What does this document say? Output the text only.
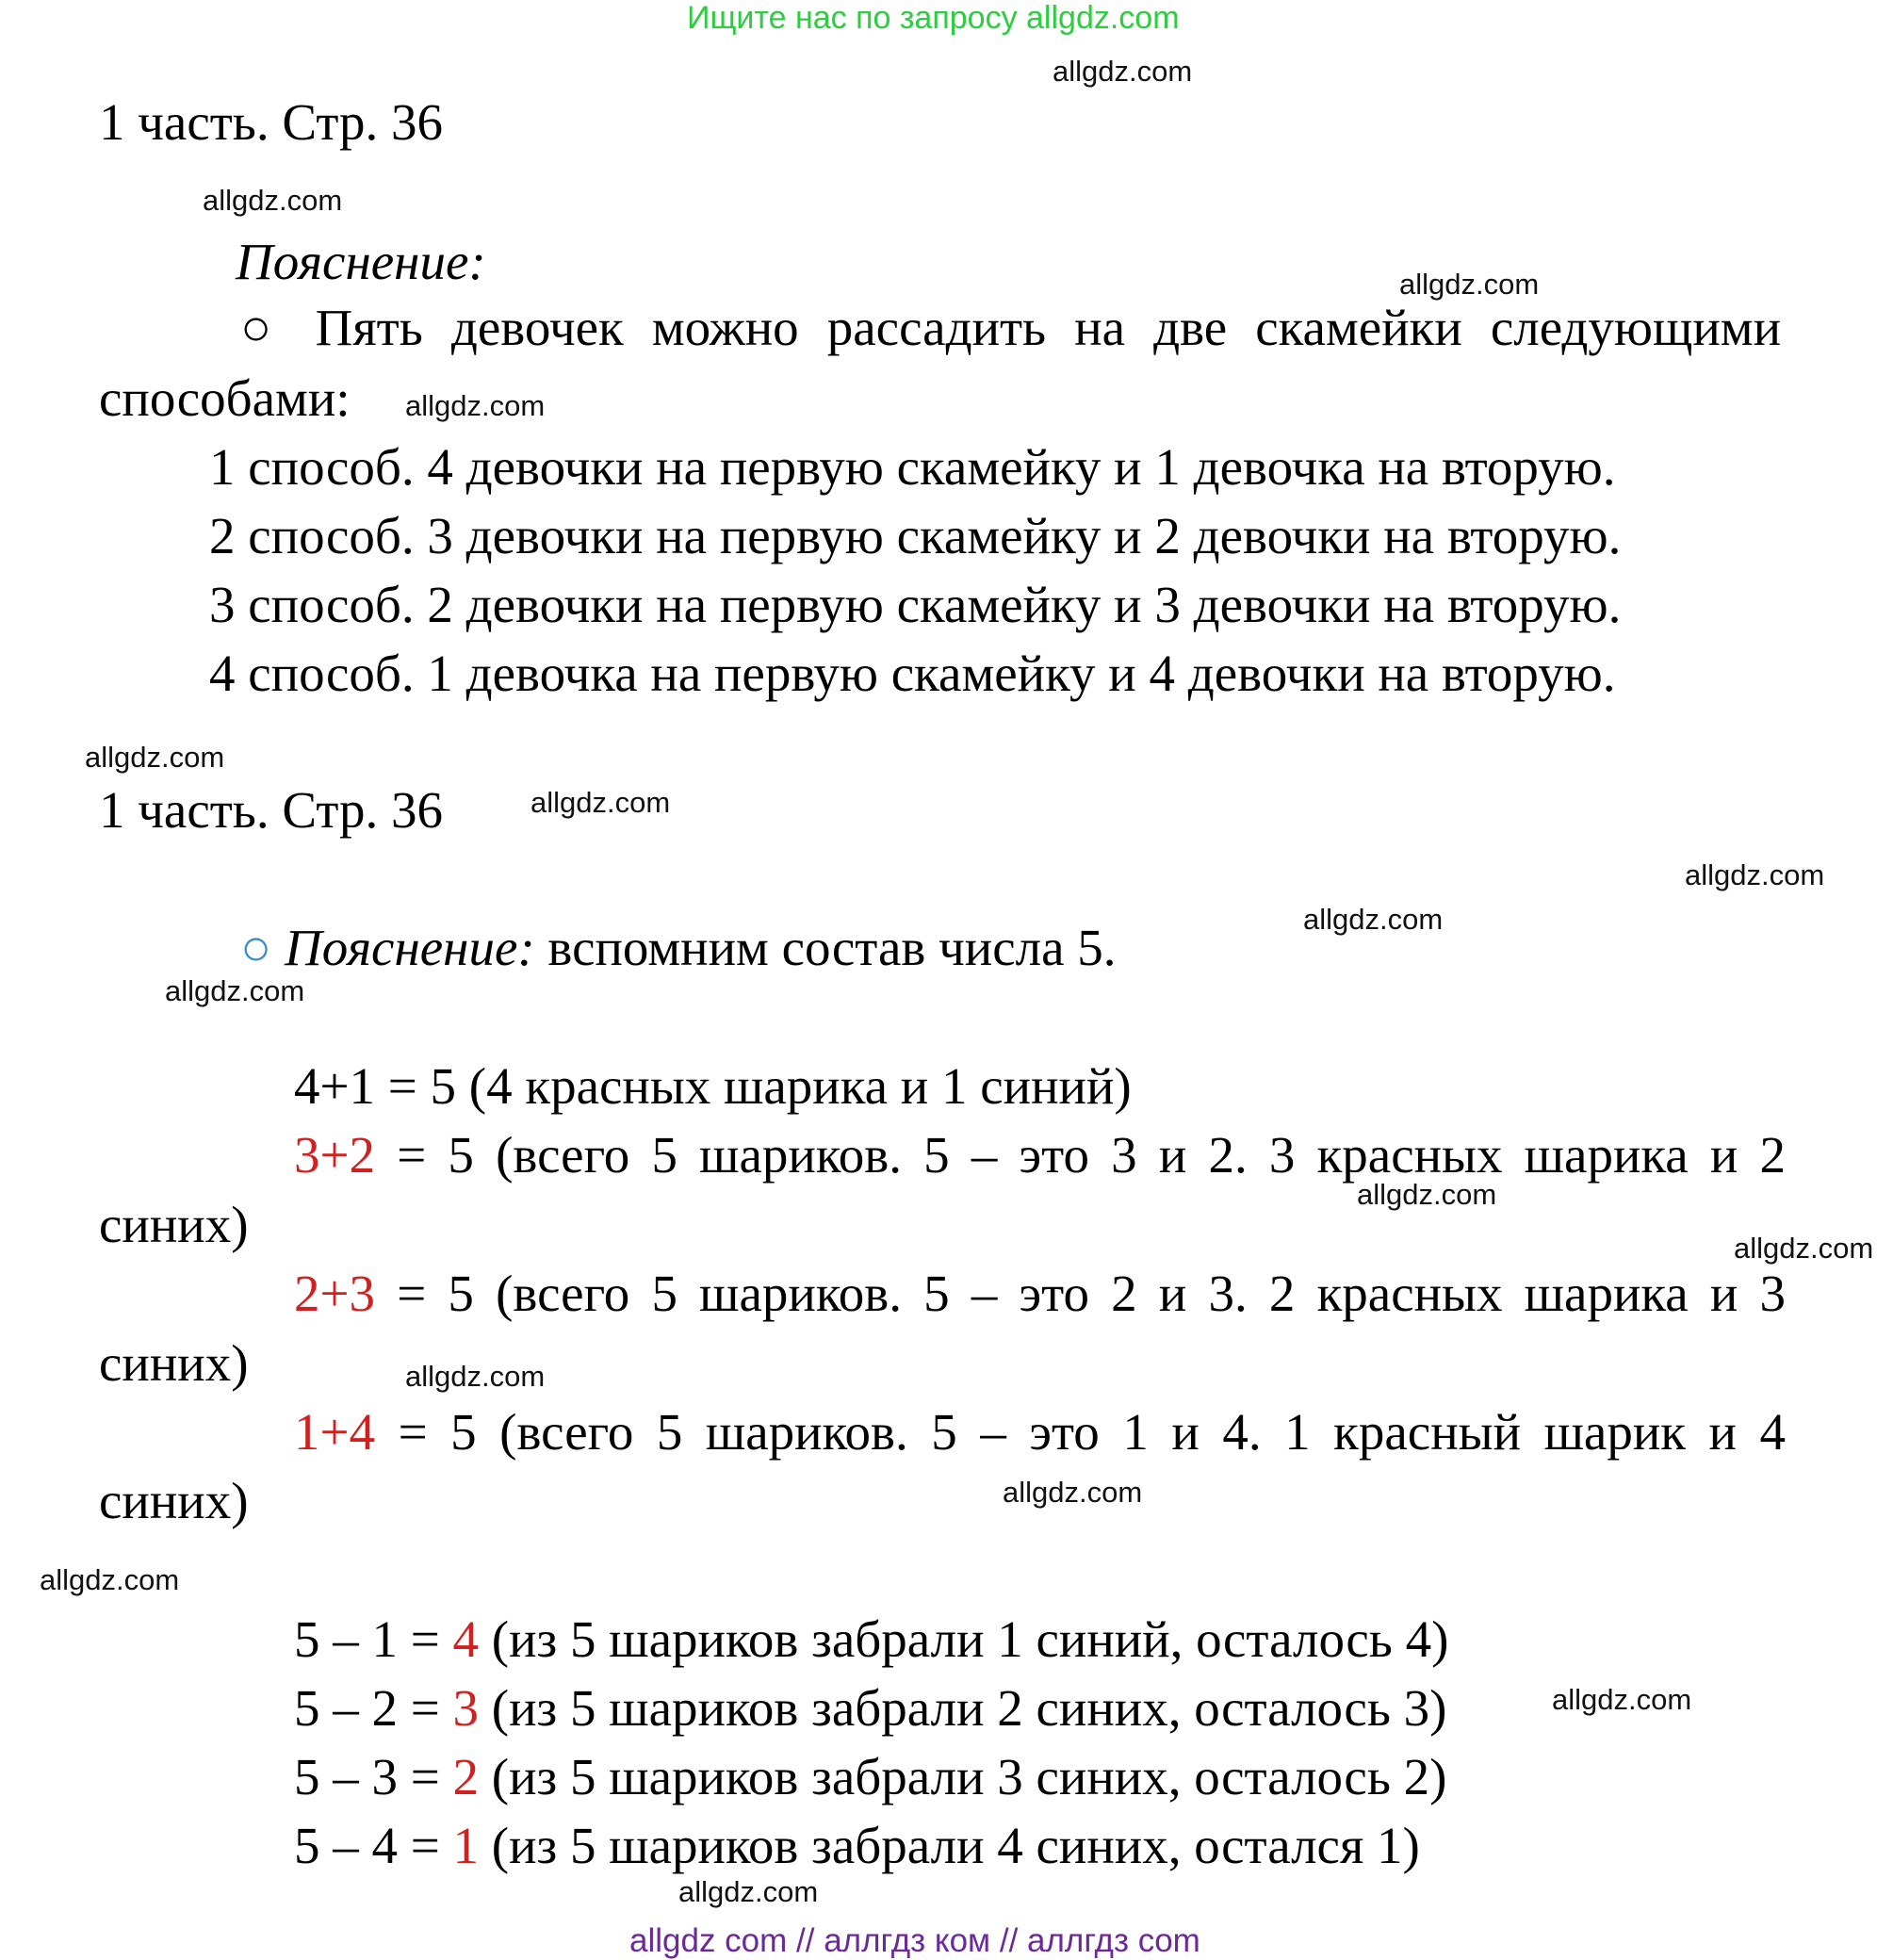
Ищите нас по запросу allgdz.com
1 часть. Стр. 36
Пояснение:
○ Пять девочек можно рассадить на две скамейки следующими
способами:
1 способ. 4 девочки на первую скамейку и 1 девочка на вторую.
2 способ. 3 девочки на первую скамейку и 2 девочки на вторую.
3 способ. 2 девочки на первую скамейку и 3 девочки на вторую.
4 способ. 1 девочка на первую скамейку и 4 девочки на вторую.
1 часть. Стр. 36
○ Пояснение: вспомним состав числа 5.
4+1 = 5 (4 красных шарика и 1 синий)
3+2 = 5 (всего 5 шариков. 5 – это 3 и 2. 3 красных шарика и 2
синих)
2+3 = 5 (всего 5 шариков. 5 – это 2 и 3. 2 красных шарика и 3
синих)
1+4 = 5 (всего 5 шариков. 5 – это 1 и 4. 1 красный шарик и 4
синих)
5 – 1 = 4 (из 5 шариков забрали 1 синий, осталось 4)
5 – 2 = 3 (из 5 шариков забрали 2 синих, осталось 3)
5 – 3 = 2 (из 5 шариков забрали 3 синих, осталось 2)
5 – 4 = 1 (из 5 шариков забрали 4 синих, остался 1)
allgdz.com
allgdz.com
allgdz.com
allgdz.com
allgdz.com
allgdz.com
allgdz.com
allgdz.com
allgdz.com
allgdz.com
allgdz.com
allgdz.com
allgdz.com
allgdz.com
allgdz.com
allgdz.com
allgdz com // аллгдз ком // аллгдз com
